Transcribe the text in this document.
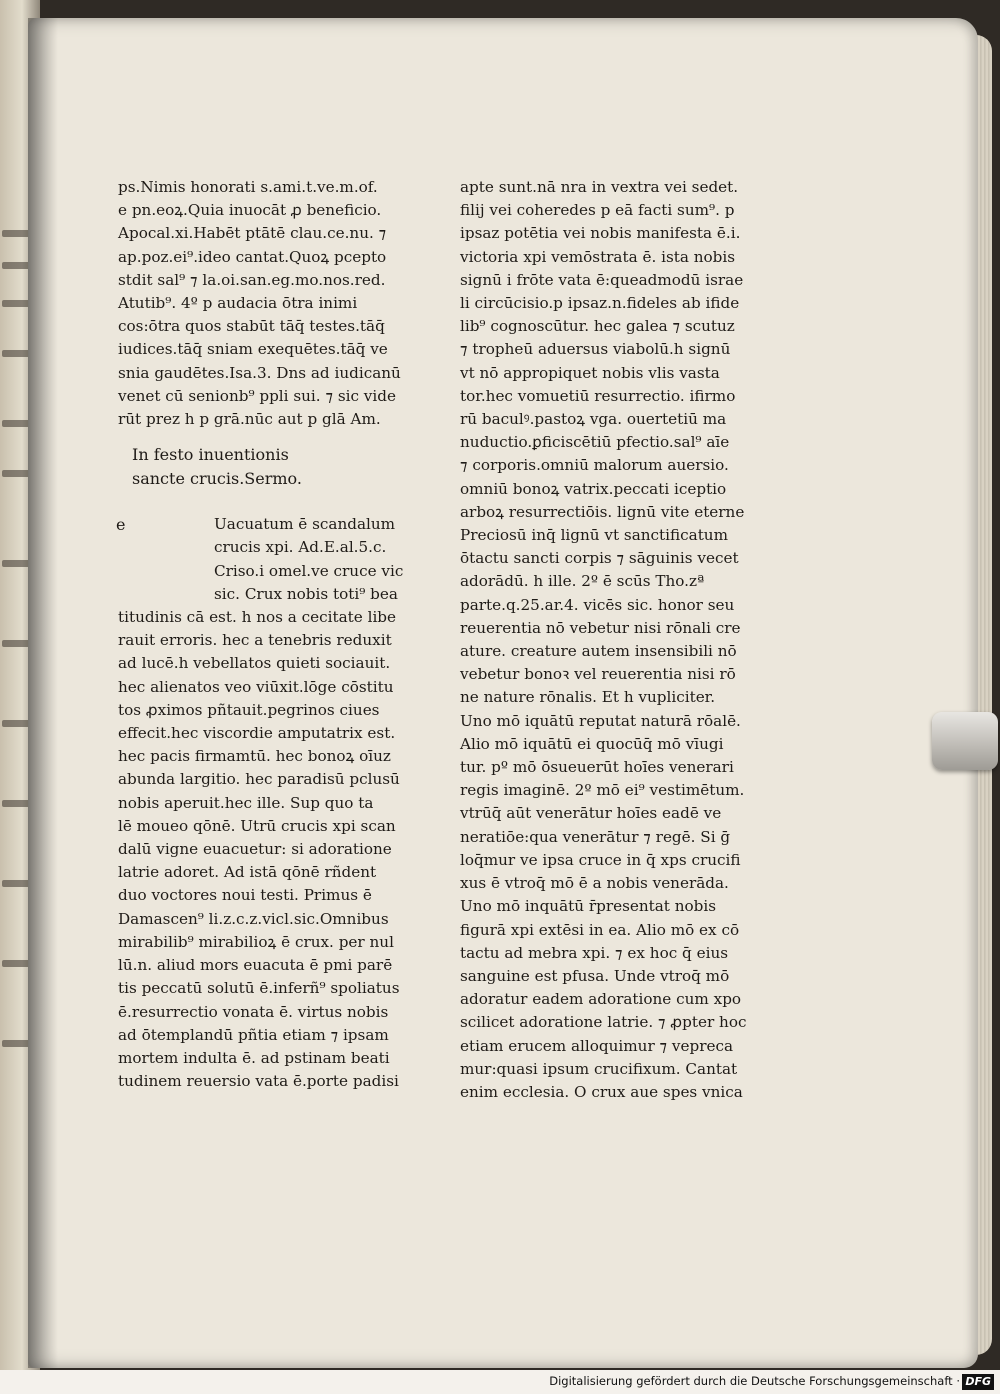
ps.Nimis honorati s.ami.t.ve.m.of.
e pn.eoꝝ.Quia inuocāt ꝓ beneficio.
Apocal.xi.Habēt ptātē clau.ce.nu. ⁊
ap.poz.ei⁹.ideo cantat.Quoꝝ pcepto
stdit sal⁹ ⁊ la.oi.san.eg.mo.nos.red.
Atutib⁹. 4º p audacia ōtra inimi
cos:ōtra quos stabūt tāq̄ testes.tāq̄
iudices.tāq̄ sniam exequētes.tāq̄ ve
snia gaudētes.Isa.3. Dns ad iudicanū
venet cū senionb⁹ ppli sui. ⁊ sic vide
rūt prez h p grā.nūc aut p glā Am.
In festo inuentionis
sancte crucis.Sermo.
e	Uacuatum ē scandalum
crucis xpi. Ad.E.al.5.c.
Criso.i omel.ve cruce vic
sic. Crux nobis toti⁹ bea
titudinis cā est. h nos a cecitate libe
rauit erroris. hec a tenebris reduxit
ad lucē.h vebellatos quieti sociauit.
hec alienatos veo viūxit.lōge cōstitu
tos ꝓximos pñtauit.pegrinos ciues
effecit.hec viscordie amputatrix est.
hec pacis firmamtū. hec bonoꝝ oīuz
abunda largitio. hec paradisū pclusū
nobis aperuit.hec ille. Sup quo ta
lē moueo qōnē. Utrū crucis xpi scan
dalū vigne euacuetur: si adoratione
latrie adoret. Ad istā qōnē rñdent
duo voctores noui testi. Primus ē
Damascen⁹ li.z.c.z.vicl.sic.Omnibus
mirabilib⁹ mirabilioꝝ ē crux. per nul
lū.n. aliud mors euacuta ē pmi parē
tis peccatū solutū ē.inferñ⁹ spoliatus
ē.resurrectio vonata ē. virtus nobis
ad ōtemplandū pñtia etiam ⁊ ipsam
mortem indulta ē. ad pstinam beati
tudinem reuersio vata ē.porte padisi
apte sunt.nā nra in vextra vei sedet.
filij vei coheredes p eā facti sum⁹. p
ipsaz potētia vei nobis manifesta ē.i.
victoria xpi vemōstrata ē. ista nobis
signū i frōte vata ē:queadmodū israe
li circūcisio.p ipsaz.n.fideles ab ifide
lib⁹ cognoscūtur. hec galea ⁊ scutuz
⁊ tropheū aduersus viabolū.h signū
vt nō appropiquet nobis vlis vasta
tor.hec vomuetiū resurrectio. ifirmo
rū baculꝰ.pastoꝝ vga. ouertetiū ma
nuductio.ꝑficiscētiū pfectio.sal⁹ aīe
⁊ corporis.omniū malorum auersio.
omniū bonoꝝ vatrix.peccati iceptio
arboꝝ resurrectiōis. lignū vite eterne
Preciosū inq̄ lignū vt sanctificatum
ōtactu sancti corpis ⁊ sāguinis vecet
adorādū. h ille. 2º ē scūs Tho.zª
parte.q.25.ar.4. vicēs sic. honor seu
reuerentia nō vebetur nisi rōnali cre
ature. creature autem insensibili nō
vebetur bonoꝛ vel reuerentia nisi rō
ne nature rōnalis. Et h vupliciter.
Uno mō iquātū reputat naturā rōalē.
Alio mō iquātū ei quocūq̄ mō vīugi
tur. pº mō ōsueuerūt hoīes venerari
regis imaginē. 2º mō ei⁹ vestimētum.
vtrūq̄ aūt venerātur hoīes eadē ve
neratiōe:qua venerātur ⁊ regē. Si ḡ
loq̄mur ve ipsa cruce in q̄ xps crucifi
xus ē vtroq̄ mō ē a nobis venerāda.
Uno mō inquātū r̄presentat nobis
figurā xpi extēsi in ea. Alio mō ex cō
tactu ad mebra xpi. ⁊ ex hoc q̄ eius
sanguine est pfusa. Unde vtroq̄ mō
adoratur eadem adoratione cum xpo
scilicet adoratione latrie. ⁊ ꝓpter hoc
etiam erucem alloquimur ⁊ vepreca
mur:quasi ipsum crucifixum. Cantat
enim ecclesia. O crux aue spes vnica
Digitalisierung gefördert durch die Deutsche Forschungsgemeinschaft · DFG
